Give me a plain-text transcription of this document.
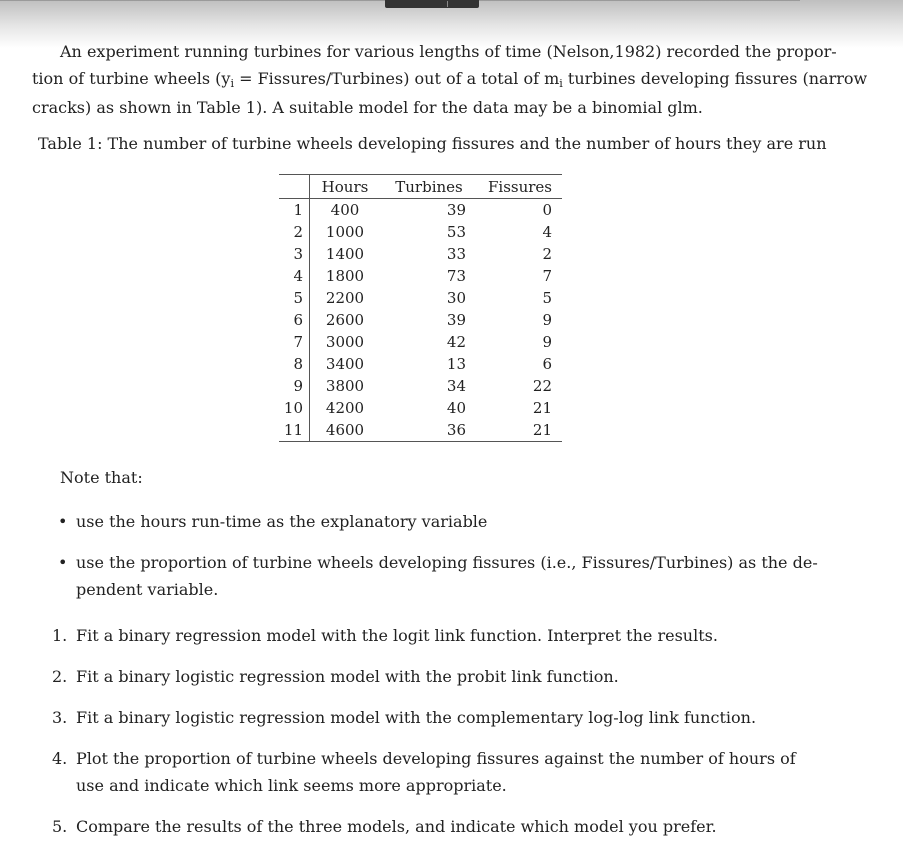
An experiment running turbines for various lengths of time (Nelson,1982) recorded the propor-
tion of turbine wheels (yi = Fissures/Turbines) out of a total of mi turbines developing fissures (narrow
cracks) as shown in Table 1). A suitable model for the data may be a binomial glm.
Table 1: The number of turbine wheels developing fissures and the number of hours they are run
	Hours	Turbines	Fissures
1	400	39	0
2	1000	53	4
3	1400	33	2
4	1800	73	7
5	2200	30	5
6	2600	39	9
7	3000	42	9
8	3400	13	6
9	3800	34	22
10	4200	40	21
11	4600	36	21
Note that:
• use the hours run-time as the explanatory variable
• use the proportion of turbine wheels developing fissures (i.e., Fissures/Turbines) as the de- pendent variable.
1. Fit a binary regression model with the logit link function. Interpret the results.
2. Fit a binary logistic regression model with the probit link function.
3. Fit a binary logistic regression model with the complementary log-log link function.
4. Plot the proportion of turbine wheels developing fissures against the number of hours of use and indicate which link seems more appropriate.
5. Compare the results of the three models, and indicate which model you prefer.
